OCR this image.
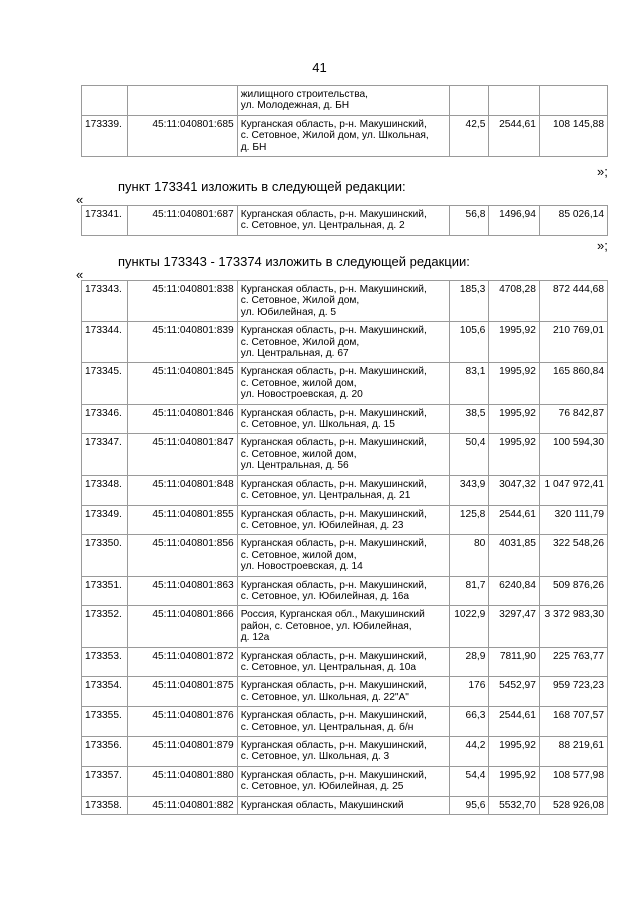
41

		жилищного строительства,
ул. Молодежная, д. БН			

173339.	45:11:040801:685	Курганская область, р-н. Макушинский,
с. Сетовное, Жилой дом, ул. Школьная,
д. БН	42,5	2544,61	108 145,88
»;
пункт 173341 изложить в следующей редакции:
«
173341.	45:11:040801:687	Курганская область, р-н. Макушинский,
с. Сетовное, ул. Центральная, д. 2
	56,8	1496,94	85 026,14
»;
пункты 173343 - 173374 изложить в следующей редакции:
«
173343.	45:11:040801:838	Курганская область, р-н. Макушинский,
с. Сетовное, Жилой дом,
ул. Юбилейная, д. 5	185,3	4708,28	872 444,68
173344.	45:11:040801:839	Курганская область, р-н. Макушинский,
с. Сетовное, Жилой дом,
ул. Центральная, д. 67	105,6	1995,92	210 769,01
173345.	45:11:040801:845	Курганская область, р-н. Макушинский,
с. Сетовное, жилой дом,
ул. Новостроевская, д. 20	83,1	1995,92	165 860,84
173346.	45:11:040801:846	Курганская область, р-н. Макушинский,
с. Сетовное, ул. Школьная, д. 15	38,5	1995,92	76 842,87
173347.	45:11:040801:847	Курганская область, р-н. Макушинский,
с. Сетовное, жилой дом,
ул. Центральная, д. 56	50,4	1995,92	100 594,30
173348.	45:11:040801:848	Курганская область, р-н. Макушинский,
с. Сетовное, ул. Центральная, д. 21	343,9	3047,32	1 047 972,41
173349.	45:11:040801:855	Курганская область, р-н. Макушинский,
с. Сетовное, ул. Юбилейная, д. 23	125,8	2544,61	320 111,79
173350.	45:11:040801:856	Курганская область, р-н. Макушинский,
с. Сетовное, жилой дом,
ул. Новостроевская, д. 14	80	4031,85	322 548,26
173351.	45:11:040801:863	Курганская область, р-н. Макушинский,
с. Сетовное, ул. Юбилейная, д. 16а	81,7	6240,84	509 876,26
173352.	45:11:040801:866	Россия, Курганская обл., Макушинский
район, с. Сетовное, ул. Юбилейная,
д. 12а	1022,9	3297,47	3 372 983,30
173353.	45:11:040801:872	Курганская область, р-н. Макушинский,
с. Сетовное, ул. Центральная, д. 10а	28,9	7811,90	225 763,77
173354.	45:11:040801:875	Курганская область, р-н. Макушинский,
с. Сетовное, ул. Школьная, д. 22"А"	176	5452,97	959 723,23
173355.	45:11:040801:876	Курганская область, р-н. Макушинский,
с. Сетовное, ул. Центральная, д. б/н	66,3	2544,61	168 707,57
173356.	45:11:040801:879	Курганская область, р-н. Макушинский,
с. Сетовное, ул. Школьная, д. 3	44,2	1995,92	88 219,61
173357.	45:11:040801:880	Курганская область, р-н. Макушинский,
с. Сетовное, ул. Юбилейная, д. 25	54,4	1995,92	108 577,98
173358.	45:11:040801:882	Курганская область, Макушинский	95,6	5532,70	528 926,08
